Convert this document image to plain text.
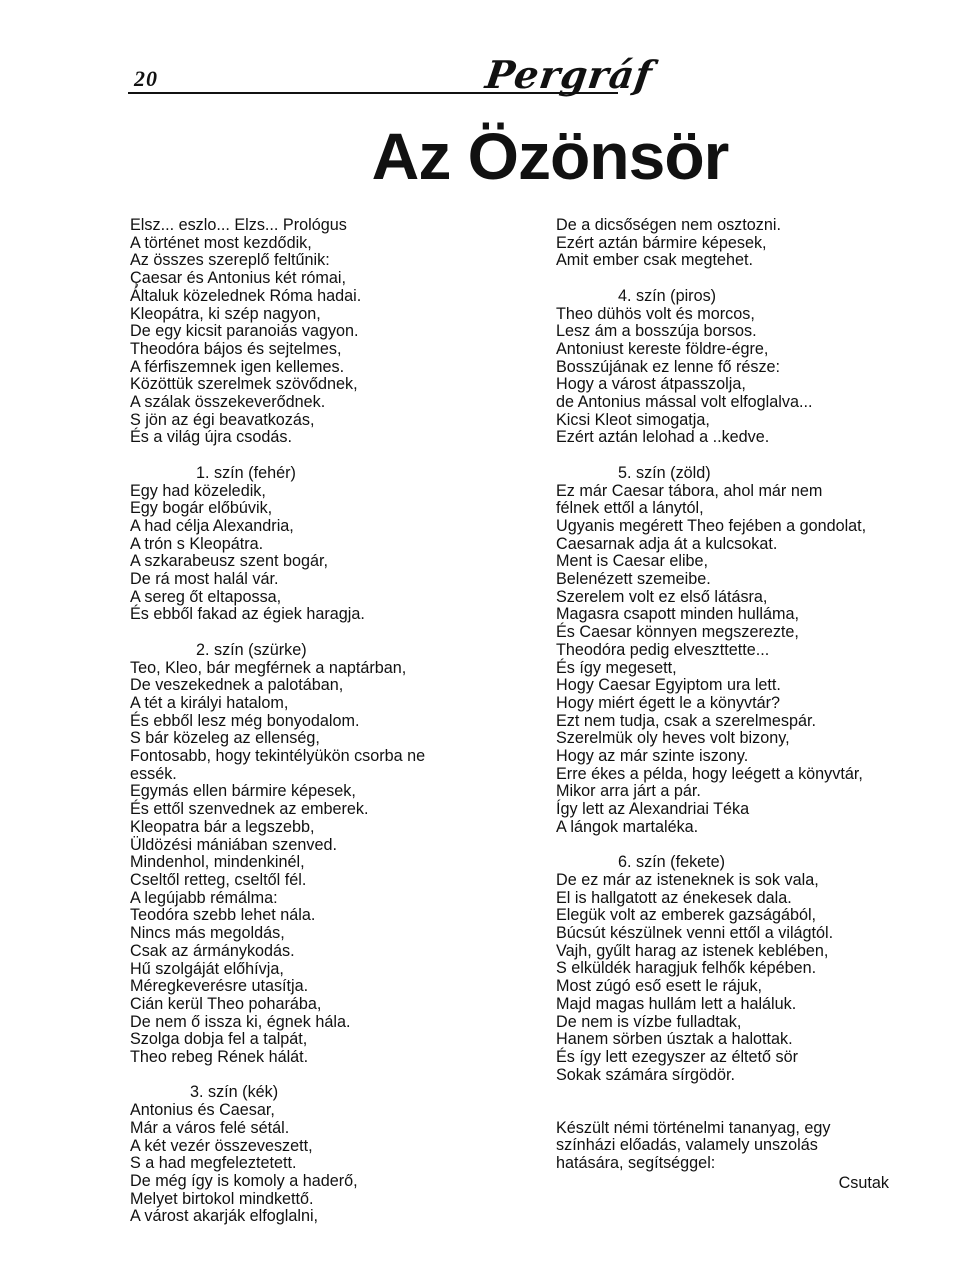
20	Pergráf
Az Özönsör
Elsz... eszlo... Elzs... Prológus
A történet most kezdődik,
Az összes szereplő feltűnik:
Çaesar és Antonius két római,
Általuk közelednek Róma hadai.
Kleopátra, ki szép nagyon,
De egy kicsit paranoiás vagyon.
Theodóra bájos és sejtelmes,
A férfiszemnek igen kellemes.
Közöttük szerelmek szövődnek,
A szálak összekeverődnek.
S jön az égi beavatkozás,
És a világ újra csodás.
1. szín (fehér)
Egy had közeledik,
Egy bogár előbúvik,
A had célja Alexandria,
A trón s Kleopátra.
A szkarabeusz szent bogár,
De rá most halál vár.
A sereg őt eltapossa,
És ebből fakad az égiek haragja.
2. szín (szürke)
Teo, Kleo, bár megférnek a naptárban,
De veszekednek a palotában,
A tét a királyi hatalom,
És ebből lesz még bonyodalom.
S bár közeleg az ellenség,
Fontosabb, hogy tekintélyükön csorba ne
essék.
Egymás ellen bármire képesek,
És ettől szenvednek az emberek.
Kleopatra bár a legszebb,
Üldözési mániában szenved.
Mindenhol, mindenkinél,
Cseltől retteg, cseltől fél.
A legújabb rémálma:
Teodóra szebb lehet nála.
Nincs más megoldás,
Csak az ármánykodás.
Hű szolgáját előhívja,
Méregkeverésre utasítja.
Cián kerül Theo poharába,
De nem ő issza ki, égnek hála.
Szolga dobja fel a talpát,
Theo rebeg Rének hálát.
3. szín (kék)
Antonius és Caesar,
Már a város felé sétál.
A két vezér összeveszett,
S a had megfeleztetett.
De még így is komoly a haderő,
Melyet birtokol mindkettő.
A várost akarják elfoglalni,
De a dicsőségen nem osztozni.
Ezért aztán bármire képesek,
Amit ember csak megtehet.
4. szín (piros)
Theo dühös volt és morcos,
Lesz ám a bosszúja borsos.
Antoniust kereste földre-égre,
Bosszújának ez lenne fő része:
Hogy a várost átpasszolja,
de Antonius mással volt elfoglalva...
Kicsi Kleot simogatja,
Ezért aztán lelohad a ..kedve.
5. szín (zöld)
Ez már Caesar tábora, ahol már nem
félnek ettől a lánytól,
Ugyanis megérett Theo fejében a gondolat,
Caesarnak adja át a kulcsokat.
Ment is Caesar elibe,
Belenézett szemeibe.
Szerelem volt ez első látásra,
Magasra csapott minden hulláma,
És Caesar könnyen megszerezte,
Theodóra pedig elveszttette...
És így megesett,
Hogy Caesar Egyiptom ura lett.
Hogy miért égett le a könyvtár?
Ezt nem tudja, csak a szerelmespár.
Szerelmük oly heves volt bizony,
Hogy az már szinte iszony.
Erre ékes a példa, hogy leégett a könyvtár,
Mikor arra járt a pár.
Így lett az Alexandriai Téka
A lángok martaléka.
6. szín (fekete)
De ez már az isteneknek is sok vala,
El is hallgatott az énekesek dala.
Elegük volt az emberek gazságából,
Búcsút készülnek venni ettől a világtól.
Vajh, gyűlt harag az istenek keblében,
S elküldék haragjuk felhők képében.
Most zúgó eső esett le rájuk,
Majd magas hullám lett a haláluk.
De nem is vízbe fulladtak,
Hanem sörben úsztak a halottak.
És így lett ezegyszer az éltető sör
Sokak számára sírgödör.
Készült némi történelmi tananyag, egy
színházi előadás, valamely unszolás
hatására, segítséggel:
Csutak
